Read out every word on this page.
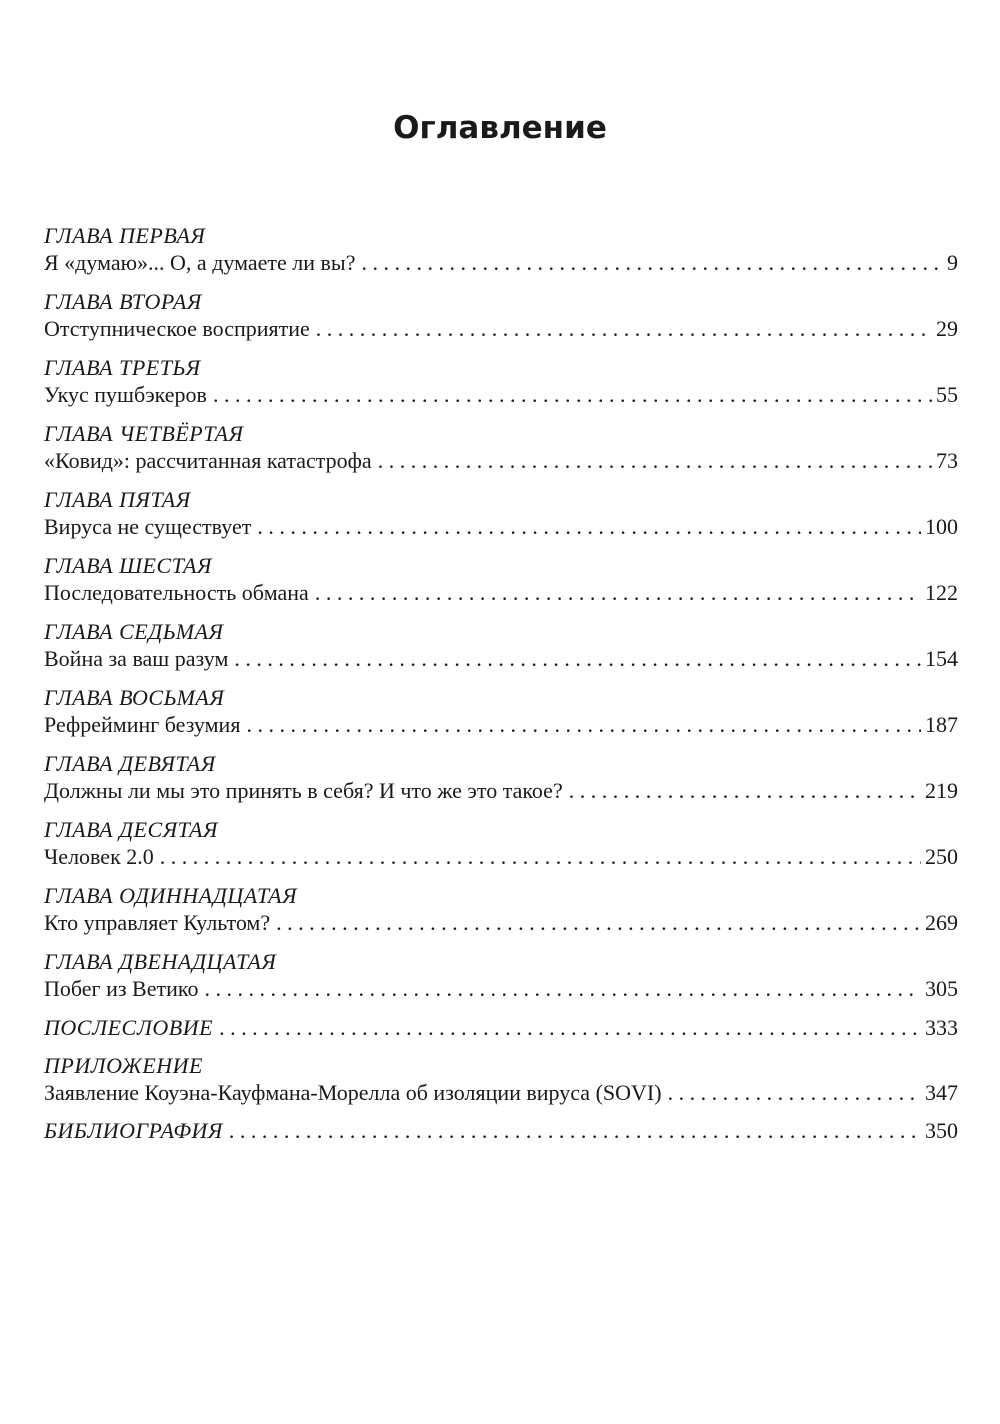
Оглавление
ГЛАВА ПЕРВАЯ
Я «думаю»... О, а думаете ли вы? . . .	9
ГЛАВА ВТОРАЯ
Отступническое восприятие . . .	29
ГЛАВА ТРЕТЬЯ
Укус пушбэкеров . . .	55
ГЛАВА ЧЕТВЁРТАЯ
«Ковид»: рассчитанная катастрофа . . .	73
ГЛАВА ПЯТАЯ
Вируса не существует . . .	100
ГЛАВА ШЕСТАЯ
Последовательность обмана . . .	122
ГЛАВА СЕДЬМАЯ
Война за ваш разум . . .	154
ГЛАВА ВОСЬМАЯ
Рефрейминг безумия . . .	187
ГЛАВА ДЕВЯТАЯ
Должны ли мы это принять в себя? И что же это такое? . . .	219
ГЛАВА ДЕСЯТАЯ
Человек 2.0 . . .	250
ГЛАВА ОДИННАДЦАТАЯ
Кто управляет Культом? . . .	269
ГЛАВА ДВЕНАДЦАТАЯ
Побег из Ветико . . .	305
ПОСЛЕСЛОВИЕ . . .	333
ПРИЛОЖЕНИЕ
Заявление Коуэна-Кауфмана-Морелла об изоляции вируса (SOVI) . . .	347
БИБЛИОГРАФИЯ . . .	350
